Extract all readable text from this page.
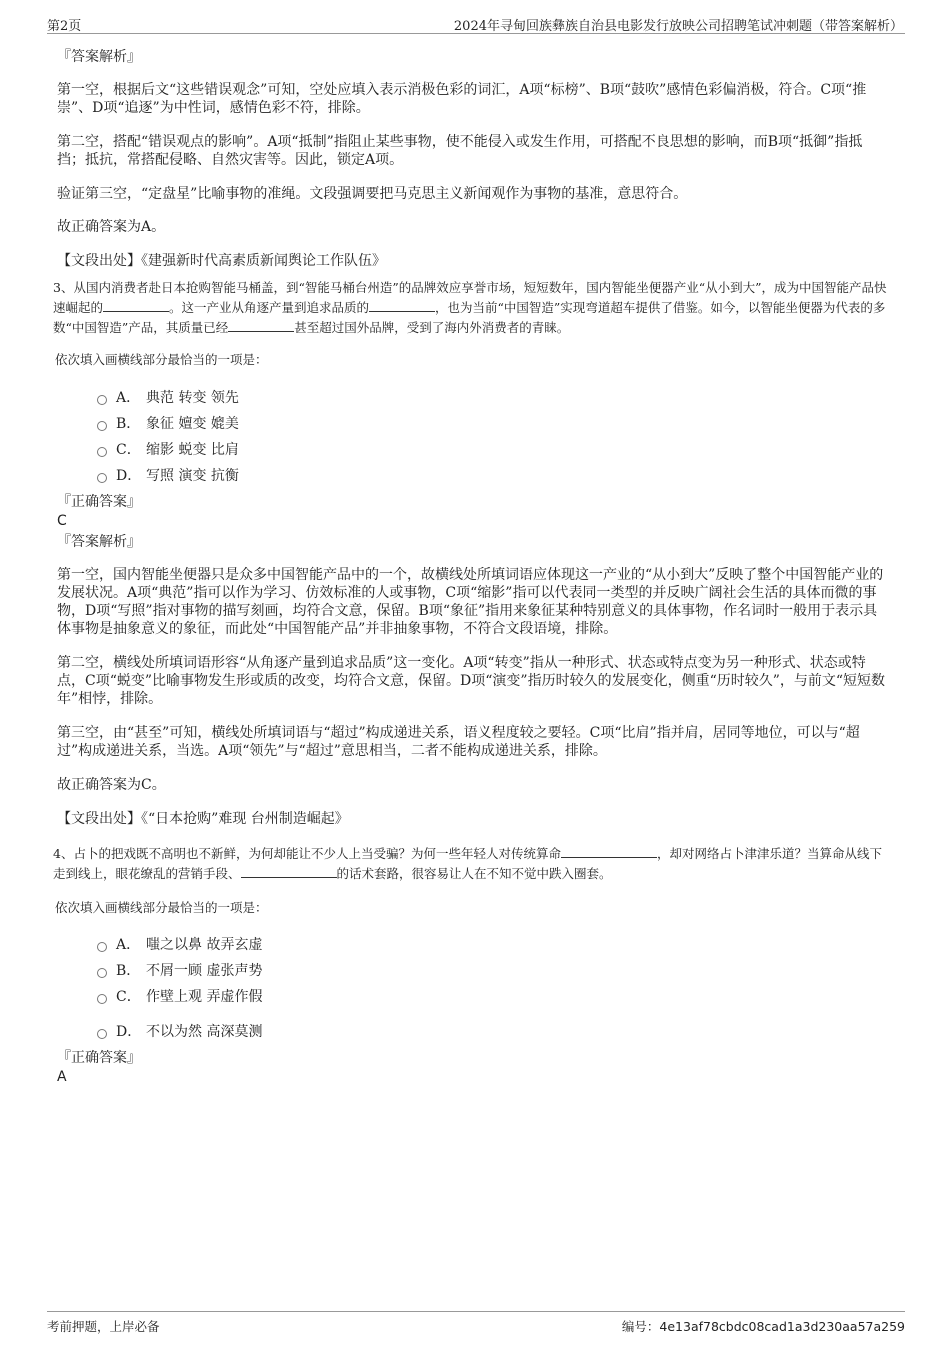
第2页	2024年寻甸回族彝族自治县电影发行放映公司招聘笔试冲刺题（带答案解析）
『答案解析』
第一空，根据后文“这些错误观念”可知，空处应填入表示消极色彩的词汇，A项“标榜”、B项“鼓吹”感情色彩偏消极，符合。C项“推崇”、D项“追逐”为中性词，感情色彩不符，排除。
第二空，搭配“错误观点的影响”。A项“抵制”指阻止某些事物，使不能侵入或发生作用，可搭配不良思想的影响，而B项“抵御”指抵挡；抵抗，常搭配侵略、自然灾害等。因此，锁定A项。
验证第三空，“定盘星”比喻事物的准绳。文段强调要把马克思主义新闻观作为事物的基准，意思符合。
故正确答案为A。
【文段出处】《建强新时代高素质新闻舆论工作队伍》
3、从国内消费者赴日本抢购智能马桶盖，到“智能马桶台州造”的品牌效应享誉市场，短短数年，国内智能坐便器产业“从小到大”，成为中国智能产品快速崛起的	。这一产业从角逐产量到追求品质的	，也为当前“中国智造”实现弯道超车提供了借鉴。如今，以智能坐便器为代表的多数“中国智造”产品，其质量已经	甚至超过国外品牌，受到了海内外消费者的青睐。
依次填入画横线部分最恰当的一项是：
A． 典范 转变 领先
B． 象征 嬗变 媲美
C． 缩影 蜕变 比肩
D． 写照 演变 抗衡
『正确答案』
C
『答案解析』
第一空，国内智能坐便器只是众多中国智能产品中的一个，故横线处所填词语应体现这一产业的“从小到大”反映了整个中国智能产业的发展状况。A项“典范”指可以作为学习、仿效标准的人或事物，C项“缩影”指可以代表同一类型的并反映广阔社会生活的具体而微的事物，D项“写照”指对事物的描写刻画，均符合文意，保留。B项“象征”指用来象征某种特别意义的具体事物，作名词时一般用于表示具体事物是抽象意义的象征，而此处“中国智能产品”并非抽象事物，不符合文段语境，排除。
第二空，横线处所填词语形容“从角逐产量到追求品质”这一变化。A项“转变”指从一种形式、状态或特点变为另一种形式、状态或特点，C项“蜕变”比喻事物发生形或质的改变，均符合文意，保留。D项“演变”指历时较久的发展变化，侧重“历时较久”，与前文“短短数年”相悖，排除。
第三空，由“甚至”可知，横线处所填词语与“超过”构成递进关系，语义程度较之要轻。C项“比肩”指并肩，居同等地位，可以与“超过”构成递进关系，当选。A项“领先”与“超过”意思相当，二者不能构成递进关系，排除。
故正确答案为C。
【文段出处】《“日本抢购”难现 台州制造崛起》
4、占卜的把戏既不高明也不新鲜，为何却能让不少人上当受骗？为何一些年轻人对传统算命	，却对网络占卜津津乐道？当算命从线下走到线上，眼花缭乱的营销手段、	的话术套路，很容易让人在不知不觉中跌入圈套。
依次填入画横线部分最恰当的一项是：
A． 嗤之以鼻 故弄玄虚
B． 不屑一顾 虚张声势
C． 作壁上观 弄虚作假
D． 不以为然 高深莫测
『正确答案』
A
考前押题，上岸必备	编号：4e13af78cbdc08cad1a3d230aa57a259
